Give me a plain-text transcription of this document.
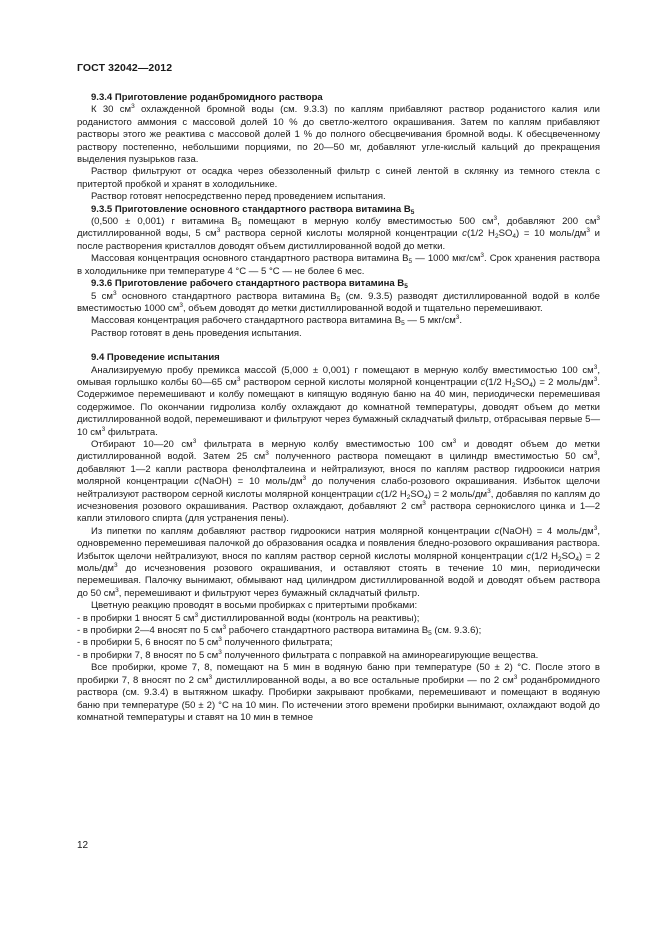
ГОСТ 32042—2012
9.3.4 Приготовление роданбромидного раствора

К 30 $см^3$ охлажденной бромной воды (см. 9.3.3) по каплям прибавляют раствор роданистого калия или роданистого аммония с массовой долей 10 % до светло-желтого окрашивания. Затем по каплям прибавляют растворы этого же реактива с массовой долей 1 % до полного обесцвечивания бромной воды. К обесцвеченному раствору постепенно, небольшими порциями, по 20—50 мг, добавляют угле-кислый кальций до прекращения выделения пузырьков газа.

Раствор фильтруют от осадка через обеззоленный фильтр с синей лентой в склянку из темного стекла с притертой пробкой и хранят в холодильнике.

Раствор готовят непосредственно перед проведением испытания.

9.3.5 Приготовление основного стандартного раствора витамина $B_5$

(0,500 ± 0,001) г витамина $B_5$ помещают в мерную колбу вместимостью 500 $см^3$, добавляют 200 $см^3$ дистиллированной воды, 5 $см^3$ раствора серной кислоты молярной концентрации c(1/2 $H_2SO_4) = 10$ моль/$дм^3$ и после растворения кристаллов доводят объем дистиллированной водой до метки.

Массовая концентрация основного стандартного раствора витамина $B_5$ — 1000 мкг/$см^3$. Срок хранения раствора в холодильнике при температуре 4 °С — 5 °С — не более 6 мес.

9.3.6 Приготовление рабочего стандартного раствора витамина $B_5$

5 $см^3$ основного стандартного раствора витамина $B_5$ (см. 9.3.5) разводят дистиллированной водой в колбе вместимостью 1000 $см^3$, объем доводят до метки дистиллированной водой и тщательно перемешивают.

Массовая концентрация рабочего стандартного раствора витамина $B_5$ — 5 мкг/$см^3$.

Раствор готовят в день проведения испытания.

9.4 Проведение испытания

Анализируемую пробу премикса массой (5,000 ± 0,001) г помещают в мерную колбу вместимостью 100 $см^3$, омывая горлышко колбы 60—65 $см^3$ раствором серной кислоты молярной концентрации c(1/2 $H_2SO_4) = 2$ моль/$дм^3$. Содержимое перемешивают и колбу помещают в кипящую водяную баню на 40 мин, периодически перемешивая содержимое. По окончании гидролиза колбу охлаждают до комнатной температуры, доводят объем до метки дистиллированной водой, перемешивают и фильтруют через бумажный складчатый фильтр, отбрасывая первые 5—10 $см^3$ фильтрата.

Отбирают 10—20 $см^3$ фильтрата в мерную колбу вместимостью 100 $см^3$ и доводят объем до метки дистиллированной водой. Затем 25 $см^3$ полученного раствора помещают в цилиндр вместимостью 50 $см^3$, добавляют 1—2 капли раствора фенолфталеина и нейтрализуют, внося по каплям раствор гидроокиси натрия молярной концентрации c(NaOH) = 10 моль/$дм^3$ до получения слабо-розового окрашивания. Избыток щелочи нейтрализуют раствором серной кислоты молярной концентрации c(1/2 $H_2SO_4) = 2$ моль/$дм^3$, добавляя по каплям до исчезновения розового окрашивания. Раствор охлаждают, добавляют 2 $см^3$ раствора сернокислого цинка и 1—2 капли этилового спирта (для устранения пены).

Из пипетки по каплям добавляют раствор гидроокиси натрия молярной концентрации c(NaOH) = 4 моль/$дм^3$, одновременно перемешивая палочкой до образования осадка и появления бледно-розового окрашивания раствора. Избыток щелочи нейтрализуют, внося по каплям раствор серной кислоты молярной концентрации c(1/2 $H_2SO_4) = 2$ моль/$дм^3$ до исчезновения розового окрашивания, и оставляют стоять в течение 10 мин, периодически перемешивая. Палочку вынимают, обмывают над цилиндром дистиллированной водой и доводят объем раствора до 50 $см^3$, перемешивают и фильтруют через бумажный складчатый фильтр.

Цветную реакцию проводят в восьми пробирках с притертыми пробками:

- в пробирки 1 вносят 5 $см^3$ дистиллированной воды (контроль на реактивы);

- в пробирки 2—4 вносят по 5 $см^3$ рабочего стандартного раствора витамина $B_5$ (см. 9.3.6);

- в пробирки 5, 6 вносят по 5 $см^3$ полученного фильтрата;

- в пробирки 7, 8 вносят по 5 $см^3$ полученного фильтрата с поправкой на аминореагирующие вещества.

Все пробирки, кроме 7, 8, помещают на 5 мин в водяную баню при температуре (50 ± 2) °С. После этого в пробирки 7, 8 вносят по 2 $см^3$ дистиллированной воды, а во все остальные пробирки — по 2 $см^3$ роданбромидного раствора (см. 9.3.4) в вытяжном шкафу. Пробирки закрывают пробками, перемешивают и помещают в водяную баню при температуре (50 ± 2) °С на 10 мин. По истечении этого времени пробирки вынимают, охлаждают водой до комнатной температуры и ставят на 10 мин в темное

12
